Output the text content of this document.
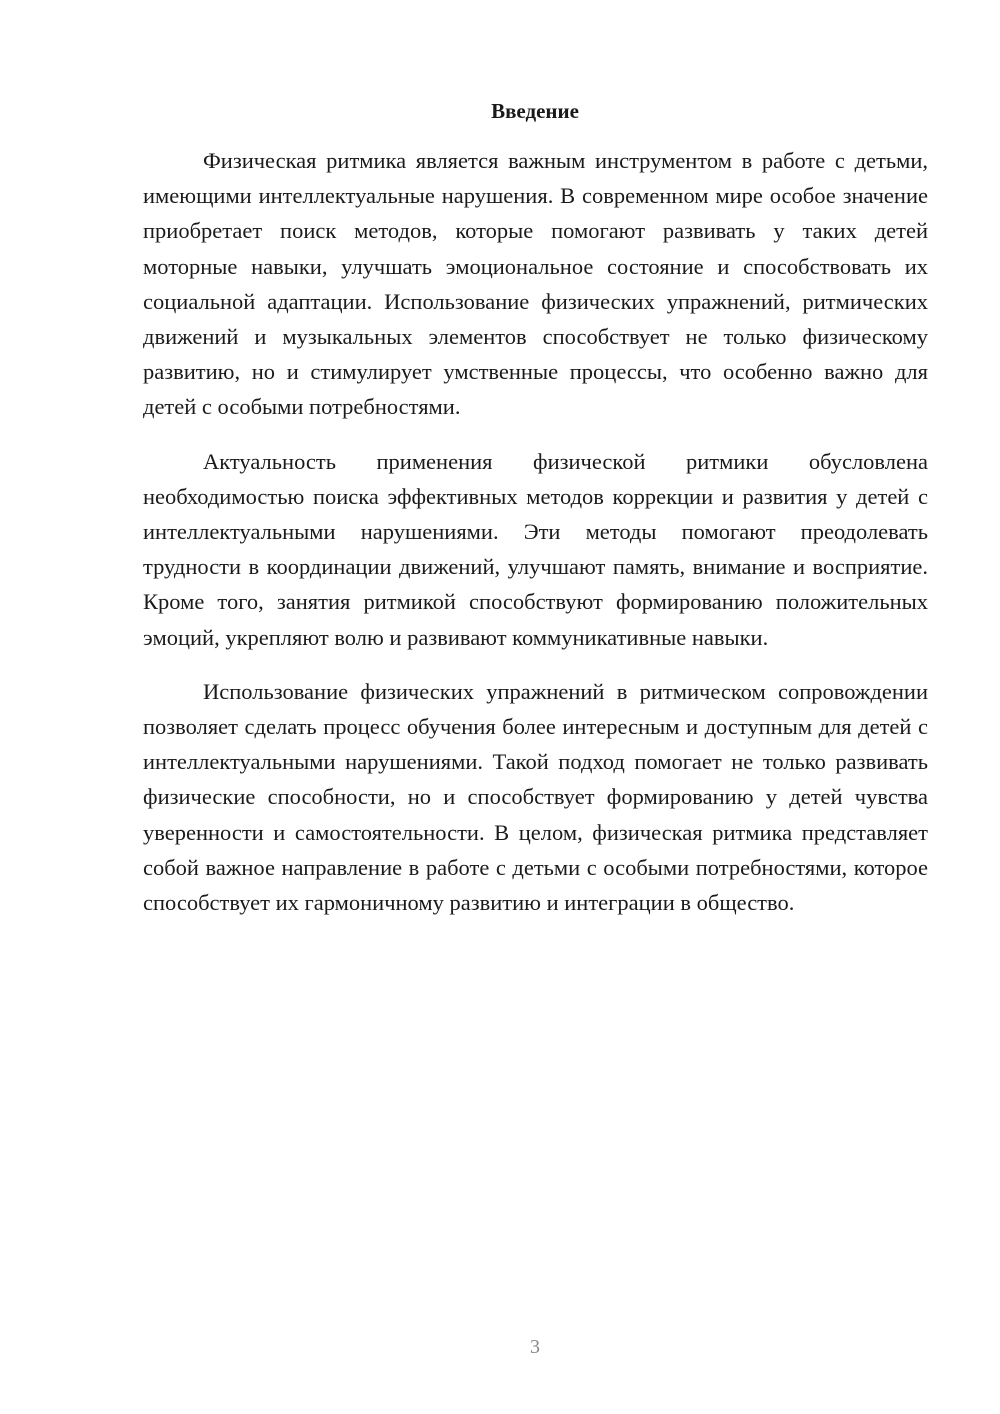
Введение

Физическая ритмика является важным инструментом в работе с детьми, имеющими интеллектуальные нарушения. В современном мире особое значение приобретает поиск методов, которые помогают развивать у таких детей моторные навыки, улучшать эмоциональное состояние и способствовать их социальной адаптации. Использование физических упражнений, ритмических движений и музыкальных элементов способствует не только физическому развитию, но и стимулирует умственные процессы, что особенно важно для детей с особыми потребностями.

Актуальность применения физической ритмики обусловлена необходимостью поиска эффективных методов коррекции и развития у детей с интеллектуальными нарушениями. Эти методы помогают преодолевать трудности в координации движений, улучшают память, внимание и восприятие. Кроме того, занятия ритмикой способствуют формированию положительных эмоций, укрепляют волю и развивают коммуникативные навыки.

Использование физических упражнений в ритмическом сопровождении позволяет сделать процесс обучения более интересным и доступным для детей с интеллектуальными нарушениями. Такой подход помогает не только развивать физические способности, но и способствует формированию у детей чувства уверенности и самостоятельности. В целом, физическая ритмика представляет собой важное направление в работе с детьми с особыми потребностями, которое способствует их гармоничному развитию и интеграции в общество.

3
